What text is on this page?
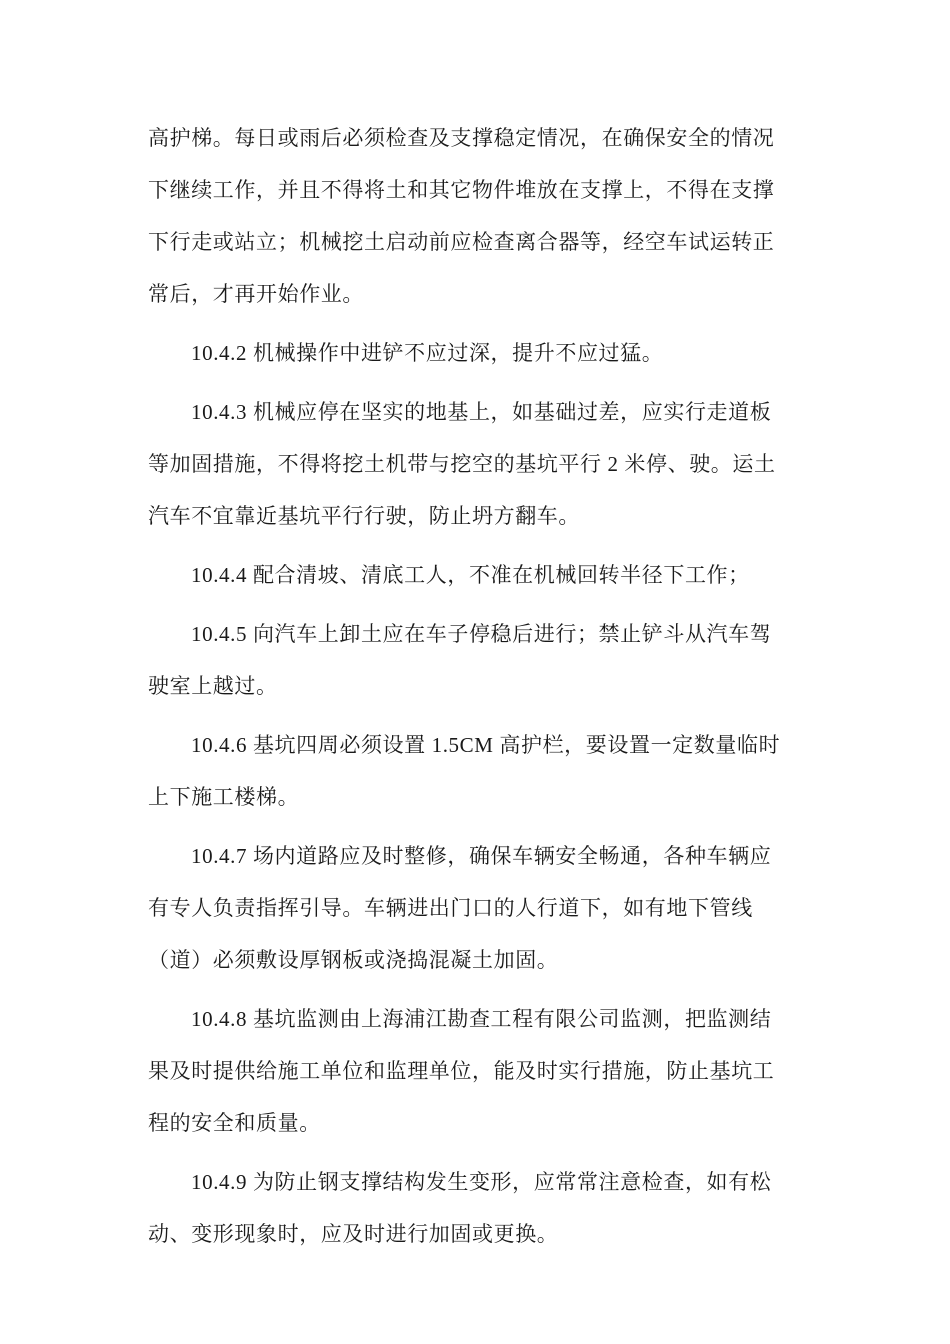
高护梯。每日或雨后必须检查及支撑稳定情况，在确保安全的情况
下继续工作，并且不得将土和其它物件堆放在支撑上，不得在支撑
下行走或站立；机械挖土启动前应检查离合器等，经空车试运转正
常后，才再开始作业。
10.4.2 机械操作中进铲不应过深，提升不应过猛。
10.4.3 机械应停在坚实的地基上，如基础过差，应实行走道板
等加固措施，不得将挖土机带与挖空的基坑平行 2 米停、驶。运土
汽车不宜靠近基坑平行行驶，防止坍方翻车。
10.4.4 配合清坡、清底工人，不准在机械回转半径下工作；
10.4.5 向汽车上卸土应在车子停稳后进行；禁止铲斗从汽车驾
驶室上越过。
10.4.6 基坑四周必须设置 1.5CM 高护栏，要设置一定数量临时
上下施工楼梯。
10.4.7 场内道路应及时整修，确保车辆安全畅通，各种车辆应
有专人负责指挥引导。车辆进出门口的人行道下，如有地下管线
（道）必须敷设厚钢板或浇捣混凝土加固。
10.4.8 基坑监测由上海浦江勘查工程有限公司监测，把监测结
果及时提供给施工单位和监理单位，能及时实行措施，防止基坑工
程的安全和质量。
10.4.9 为防止钢支撑结构发生变形，应常常注意检查，如有松
动、变形现象时，应及时进行加固或更换。
